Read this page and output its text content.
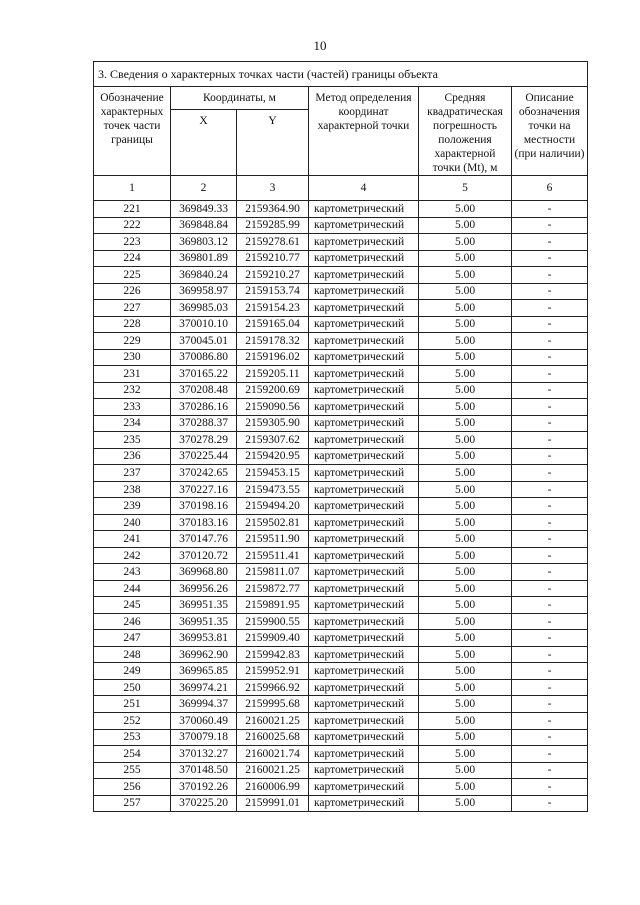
10
3. Сведения о характерных точках части (частей) границы объекта					
Обозначение характерных точек части границы	Координаты, м		Метод определения координат характерной точки	Средняя квадратическая погрешность положения характерной точки (Mt), м	Описание обозначения точки на местности (при наличии)
	X	Y			
1	2	3	4	5	6
221	369849.33	2159364.90	картометрический	5.00	-
222	369848.84	2159285.99	картометрический	5.00	-
223	369803.12	2159278.61	картометрический	5.00	-
224	369801.89	2159210.77	картометрический	5.00	-
225	369840.24	2159210.27	картометрический	5.00	-
226	369958.97	2159153.74	картометрический	5.00	-
227	369985.03	2159154.23	картометрический	5.00	-
228	370010.10	2159165.04	картометрический	5.00	-
229	370045.01	2159178.32	картометрический	5.00	-
230	370086.80	2159196.02	картометрический	5.00	-
231	370165.22	2159205.11	картометрический	5.00	-
232	370208.48	2159200.69	картометрический	5.00	-
233	370286.16	2159090.56	картометрический	5.00	-
234	370288.37	2159305.90	картометрический	5.00	-
235	370278.29	2159307.62	картометрический	5.00	-
236	370225.44	2159420.95	картометрический	5.00	-
237	370242.65	2159453.15	картометрический	5.00	-
238	370227.16	2159473.55	картометрический	5.00	-
239	370198.16	2159494.20	картометрический	5.00	-
240	370183.16	2159502.81	картометрический	5.00	-
241	370147.76	2159511.90	картометрический	5.00	-
242	370120.72	2159511.41	картометрический	5.00	-
243	369968.80	2159811.07	картометрический	5.00	-
244	369956.26	2159872.77	картометрический	5.00	-
245	369951.35	2159891.95	картометрический	5.00	-
246	369951.35	2159900.55	картометрический	5.00	-
247	369953.81	2159909.40	картометрический	5.00	-
248	369962.90	2159942.83	картометрический	5.00	-
249	369965.85	2159952.91	картометрический	5.00	-
250	369974.21	2159966.92	картометрический	5.00	-
251	369994.37	2159995.68	картометрический	5.00	-
252	370060.49	2160021.25	картометрический	5.00	-
253	370079.18	2160025.68	картометрический	5.00	-
254	370132.27	2160021.74	картометрический	5.00	-
255	370148.50	2160021.25	картометрический	5.00	-
256	370192.26	2160006.99	картометрический	5.00	-
257	370225.20	2159991.01	картометрический	5.00	-
